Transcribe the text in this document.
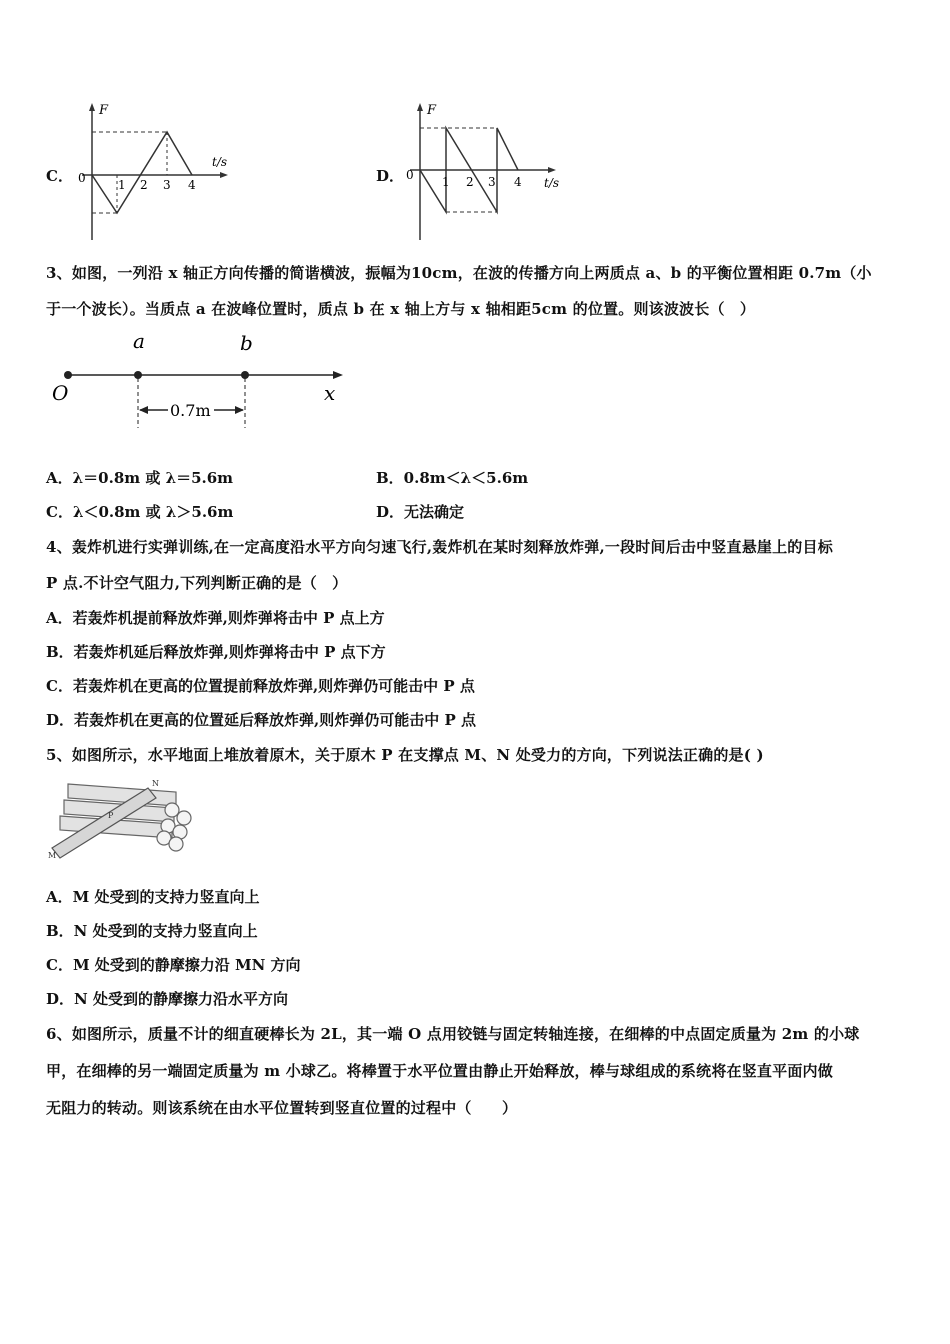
C．
F
t/s
0	1 2 3 4	D．
F
t/s
0 1 2 3 4
3、如图，一列沿 x 轴正方向传播的简谐横波，振幅为10cm，在波的传播方向上两质点 a、b 的平衡位置相距 0.7m（小
于一个波长）。当质点 a 在波峰位置时，质点 b 在 x 轴上方与 x 轴相距5cm 的位置。则该波波长（　）
a	b
O	x
0.7m
A．λ＝0.8m 或 λ＝5.6m	B．0.8m＜λ＜5.6m
C．λ＜0.8m 或 λ＞5.6m	D．无法确定
4、轰炸机进行实弹训练,在一定高度沿水平方向匀速飞行,轰炸机在某时刻释放炸弹,一段时间后击中竖直悬崖上的目标
P 点.不计空气阻力,下列判断正确的是（　）
A．若轰炸机提前释放炸弹,则炸弹将击中 P 点上方
B．若轰炸机延后释放炸弹,则炸弹将击中 P 点下方
C．若轰炸机在更高的位置提前释放炸弹,则炸弹仍可能击中 P 点
D．若轰炸机在更高的位置延后释放炸弹,则炸弹仍可能击中 P 点
5、如图所示，水平地面上堆放着原木，关于原木 P 在支撑点 M、N 处受力的方向，下列说法正确的是( )
M
N
P
A．M 处受到的支持力竖直向上
B．N 处受到的支持力竖直向上
C．M 处受到的静摩擦力沿 MN 方向
D．N 处受到的静摩擦力沿水平方向
6、如图所示，质量不计的细直硬棒长为 2L，其一端 O 点用铰链与固定转轴连接，在细棒的中点固定质量为 2m 的小球
甲，在细棒的另一端固定质量为 m 小球乙。将棒置于水平位置由静止开始释放，棒与球组成的系统将在竖直平面内做
无阻力的转动。则该系统在由水平位置转到竖直位置的过程中（　　）
